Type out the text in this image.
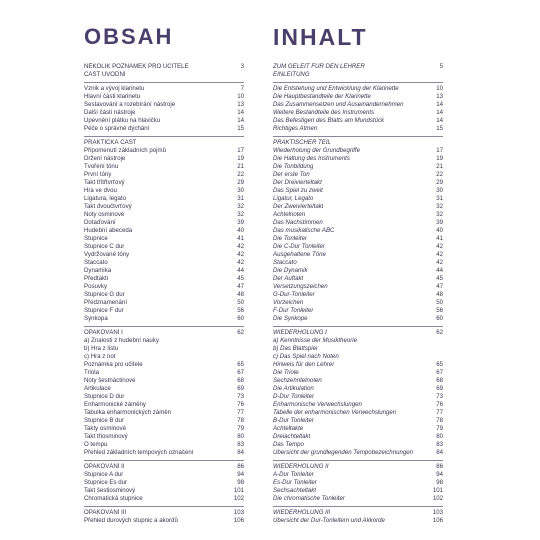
OBSAH
NĚKOLIK POZNÁMEK PRO UČITELE	3
ČÁST ÚVODNÍ
Vznik a vývoj klarinetu	7
Hlavní části klarinetu	10
Sestavování a rozebírání nástroje	13
Další části nástroje	14
Upevnění plátku na hlavičku	14
Péče o správné dýchání	15
PRAKTICKÁ ČÁST
Připomenutí základních pojmů	17
Držení nástroje	19
Tvoření tónu	21
První tóny	22
Takt třítřtvrťový	29
Hra ve dvou	30
Ligatura, legato	31
Takt dvoučtvrťový	32
Noty osminové	32
Dotaďování	39
Hudební abeceda	40
Stupnice	41
Stupnice C dur	42
Vydržované tóny	42
Staccato	42
Dynamika	44
Předtaktí	45
Posuvky	47
Stupnice G dur	48
Předznamenání	50
Stupnice F dur	56
Synkopa	60
OPAKOVÁNÍ I	62
a) Znalosti z hudební nauky
b) Hra z listu
c) Hra z not
Poznámka pro učitele	65
Triola	67
Noty šestnáctinové	68
Artikulace	69
Stupnice D dur	73
Enharmonické záměny	76
Tabulka enharmonických záměn	77
Stupnice B dur	78
Takty osminové	79
Takt třiosminový	80
O tempu	83
Přehled základních tempových označení	84
OPAKOVÁNÍ II	86
Stupnice A dur	94
Stupnice Es dur	98
Takt šestiosminový	101
Chromatická stupnice	102
OPAKOVÁNÍ III	103
Přehled durových stupnic a akordů	106
INHALT
ZUM GELEIT FÜR DEN LEHRER	5
EINLEITUNG
Die Entstehung und Entwicklung der Klarinette	10
Die Hauptbestandteile der Klarinette	13
Das Zusammensetzen und Auseinandernehmen	14
Weitere Bestandteile des Instruments	14
Das Befestigen des Blatts am Mundstück	14
Richtiges Atmen	15
PRAKTISCHER TEIL
Wiederholung der Grundbegriffe	17
Die Haltung des Instruments	19
Die Tonbildung	21
Der erste Ton	22
Der Dreivierteltakt	29
Das Spiel zu zweit	30
Ligatur, Legato	31
Der Zweivierteltakt	32
Achtelnoten	32
Das Nachstimmen	39
Das musikalische ABC	40
Die Tonleiter	41
Die C-Dur Tonleiter	42
Ausgehaltene Töne	42
Staccato	42
Die Dynamik	44
Der Auftakt	45
Versetzungszeichen	47
G-Dur-Tonleiter	48
Vorzeichen	50
F-Dur Tonleiter	56
Die Synkope	60
WIEDERHOLUNG I	62
a) Kenntnisse der Musiktheorie
b) Das Blattspiel
c) Das Spiel nach Noten
Hinweis für den Lehrer	65
Die Triole	67
Sechzehntelnoten	68
Die Artikulation	69
D-Dur Tonleiter	73
Enharmonische Verwechslungen	76
Tabelle der enharmonischen Verwechslungen	77
B-Dur Tonleiter	78
Achteltakte	79
Dreiachteltakt	80
Das Tempo	83
Übersicht der grundlegenden Tempobezeichnungen	84
WIEDERHOLUNG II	86
A-Dur Tonleiter	94
Es-Dur Tonleiter	98
Sechsachteltakt	101
Die chromatische Tonleiter	102
WIEDERHOLUNG III	103
Übersicht der Dur-Tonleitern und Akkorde	106
